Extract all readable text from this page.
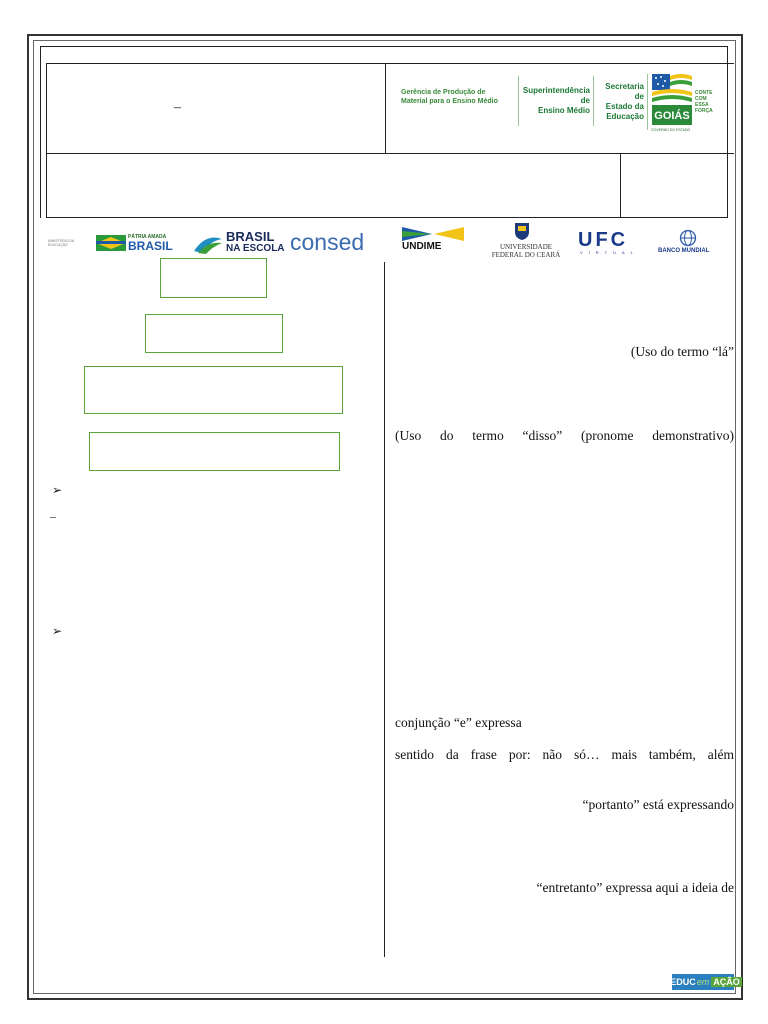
–
Gerência de Produção de
Material para o Ensino Médio
Superintendência de
Ensino Médio
Secretaria de
Estado da
Educação GOIÁS
CONTE
COM
ESSA
FORÇA
GOVERNO DO ESTADO
MINISTÉRIO DA EDUCAÇÃO
PÁTRIA AMADA
BRASIL
BRASIL
NA ESCOLA consed	UNDIME	UNIVERSIDADE
FEDERAL DO CEARÁ
UFC
VIRTUAL	BANCO MUNDIAL
➢
–
➢
(Uso do termo “lá”
(Uso do termo “disso” (pronome demonstrativo)
conjunção “e” expressa
sentido da frase por: não só… mais também, além
“portanto” está expressando
“entretanto” expressa aqui a ideia de
SEDUC em AÇÃO
